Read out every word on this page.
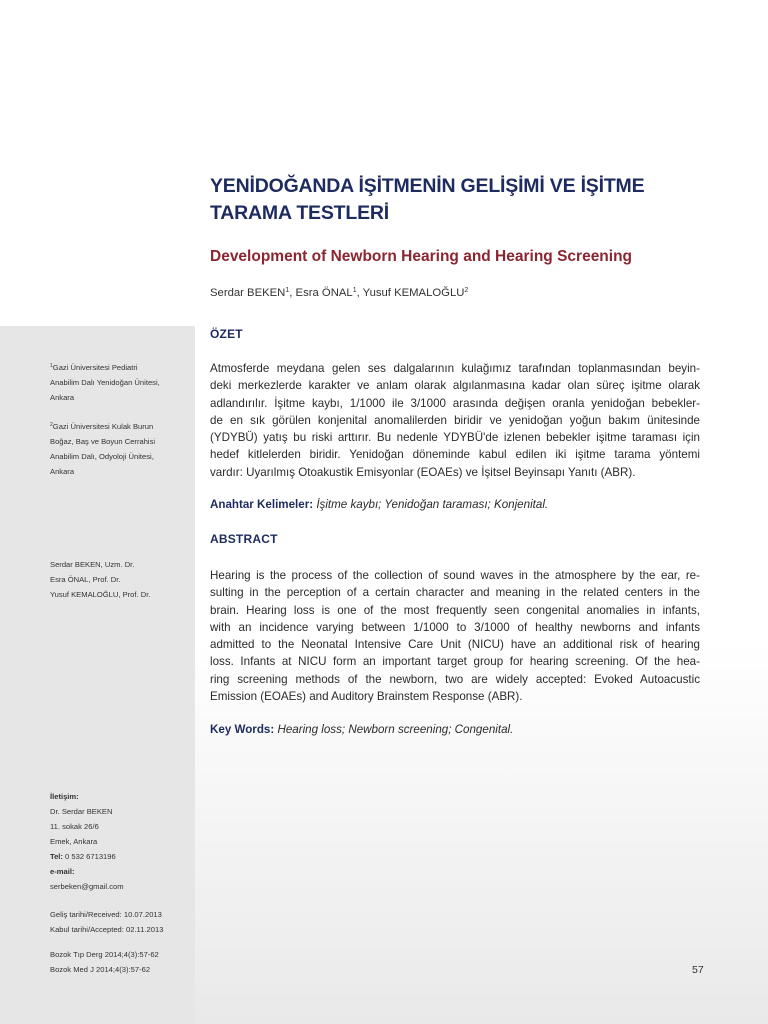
$^1$Gazi Üniversitesi Pediatri
Anabilim Dalı Yenidoğan Ünitesi,
Ankara
$^2$Gazi Üniversitesi Kulak Burun
Boğaz, Baş ve Boyun Cerrahisi
Anabilim Dalı, Odyoloji Ünitesi,
Ankara
Serdar BEKEN, Uzm. Dr.
Esra ÖNAL, Prof. Dr.
Yusuf KEMALOĞLU, Prof. Dr.
İletişim:
Dr. Serdar BEKEN
11. sokak 26/6
Emek, Ankara
Tel: 0 532 6713196
e-mail:
serbeken@gmail.com
Geliş tarihi/Received: 10.07.2013
Kabul tarihi/Accepted: 02.11.2013
Bozok Tıp Derg 2014;4(3):57-62
Bozok Med J 2014;4(3):57-62
YENİDOĞANDA İŞİTMENİN GELİŞİMİ VE İŞİTME
TARAMA TESTLERİ
Development of Newborn Hearing and Hearing Screening
Serdar BEKEN$^1$, Esra ÖNAL$^1$, Yusuf KEMALOĞLU$^2$
ÖZET
Atmosferde meydana gelen ses dalgalarının kulağımız tarafından toplanmasından beyin-
deki merkezlerde karakter ve anlam olarak algılanmasına kadar olan süreç işitme olarak
adlandırılır. İşitme kaybı, 1/1000 ile 3/1000 arasında değişen oranla yenidoğan bebekler-
de en sık görülen konjenital anomalilerden biridir ve yenidoğan yoğun bakım ünitesinde
(YDYBÜ) yatış bu riski arttırır. Bu nedenle YDYBÜ'de izlenen bebekler işitme taraması için
hedef kitlelerden biridir. Yenidoğan döneminde kabul edilen iki işitme tarama yöntemi
vardır: Uyarılmış Otoakustik Emisyonlar (EOAEs) ve İşitsel Beyinsapı Yanıtı (ABR).
Anahtar Kelimeler: İşitme kaybı; Yenidoğan taraması; Konjenital.
ABSTRACT
Hearing is the process of the collection of sound waves in the atmosphere by the ear, re-
sulting in the perception of a certain character and meaning in the related centers in the
brain. Hearing loss is one of the most frequently seen congenital anomalies in infants,
with an incidence varying between 1/1000 to 3/1000 of healthy newborns and infants
admitted to the Neonatal Intensive Care Unit (NICU) have an additional risk of hearing
loss. Infants at NICU form an important target group for hearing screening. Of the hea-
ring screening methods of the newborn, two are widely accepted: Evoked Autoacustic
Emission (EOAEs) and Auditory Brainstem Response (ABR).
Key Words: Hearing loss; Newborn screening; Congenital.
57
